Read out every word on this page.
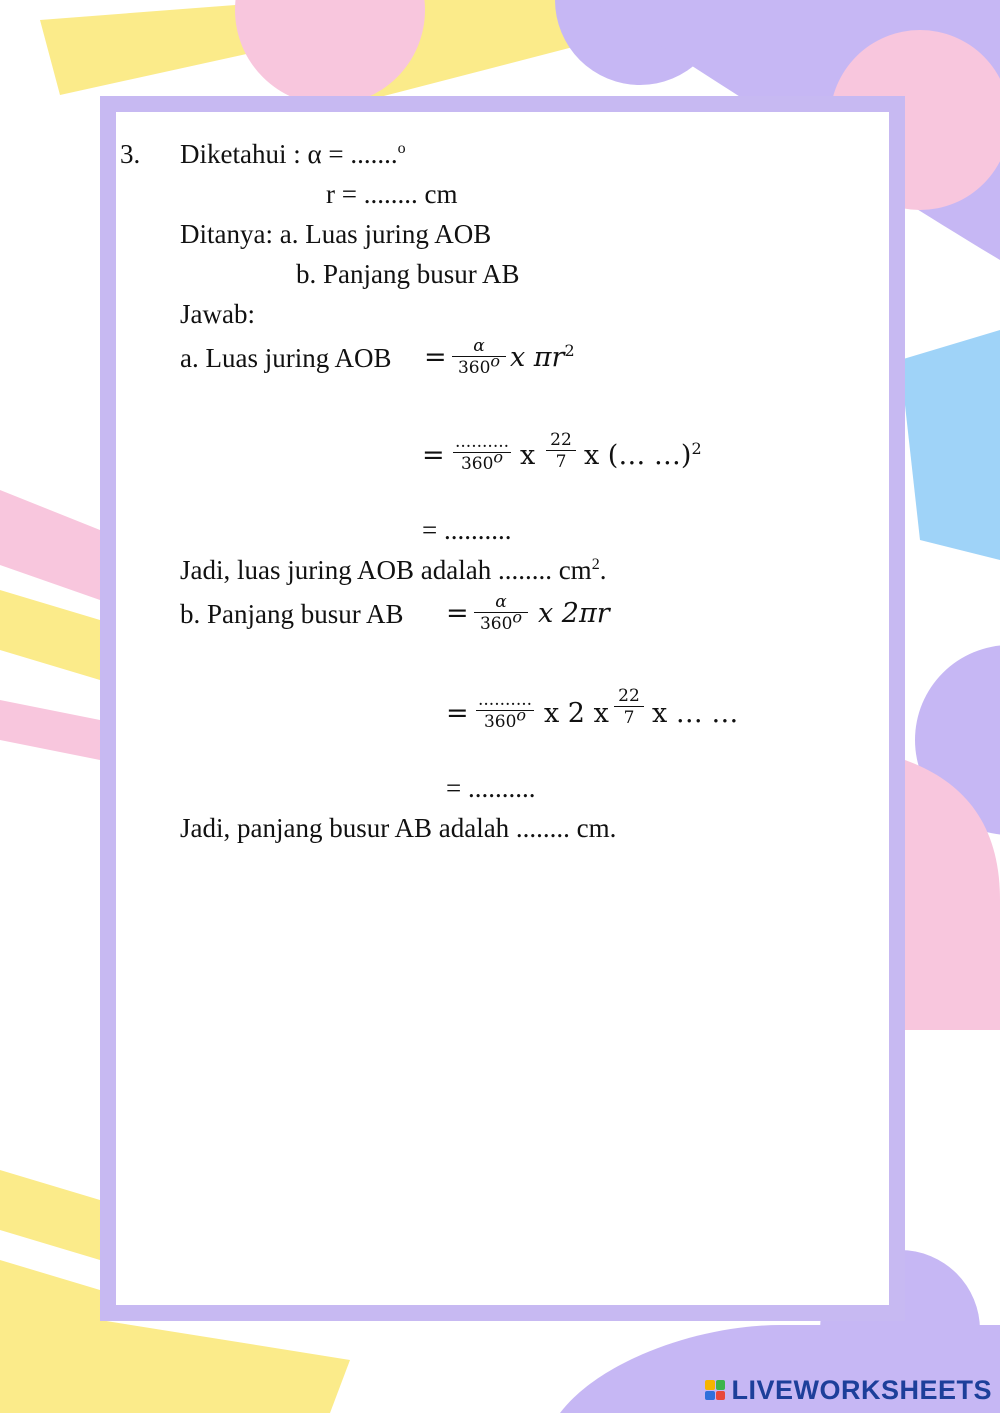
3. Diketahui : α = .......$^o$
r = ........ cm
Ditanya: a. Luas juring AOB
b. Panjang busur AB
Jawab:
a. Luas juring AOB =	α
360$^o$ x $\pi r^2$
= ..........
360$^o$ x 22
7 x (… …)$^2$
= ..........
Jadi, luas juring AOB adalah ........ $cm^2$.
b. Panjang busur AB =	α
360$^o$ x 2πr
= ..........
360$^o$ x 2 x
22
7 x … …
= ..........
Jadi, panjang busur AB adalah ........ cm.
LIVEWORKSHEETS
